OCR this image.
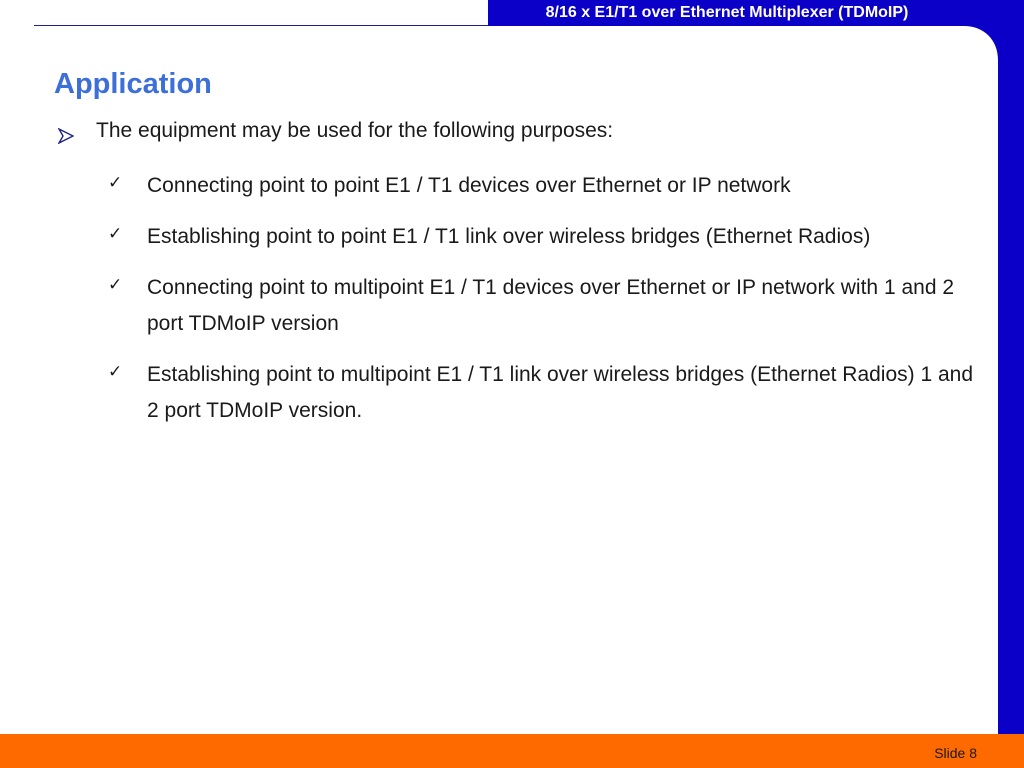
8/16 x E1/T1 over Ethernet Multiplexer (TDMoIP)
Application
The equipment may be used for the following purposes:
✓	Connecting point to point E1 / T1 devices over Ethernet or IP network
✓	Establishing point to point E1 / T1 link over wireless bridges (Ethernet Radios)
✓	Connecting point to multipoint E1 / T1 devices over Ethernet or IP network with 1 and 2 port TDMoIP version
✓	Establishing point to multipoint E1 / T1 link over wireless bridges (Ethernet Radios) 1 and 2 port TDMoIP version.
Slide 8
